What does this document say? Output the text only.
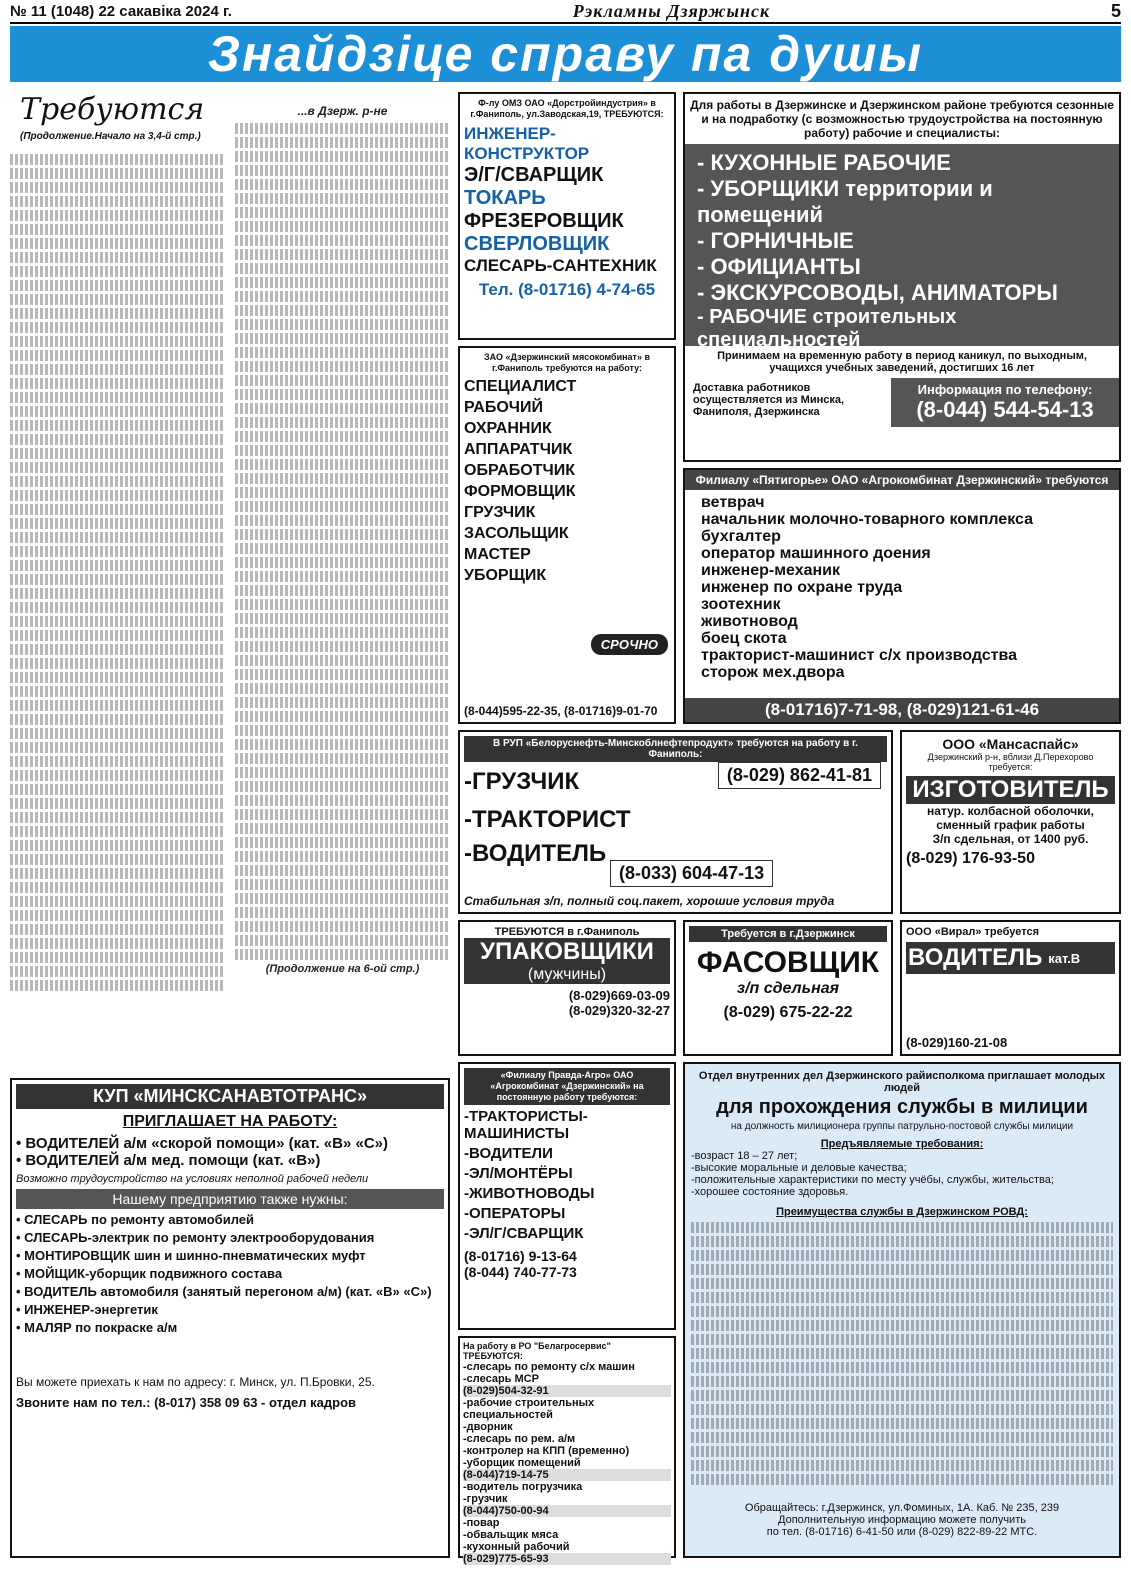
№ 11 (1048) 22 сакавіка 2024 г.	Рэкламны Дзяржынск	5
Знайдзіце справу па душы
Требуются
(Продолжение.Начало на 3,4-й стр.)
...в Дзерж. р-не
(Продолжение на 6-ой стр.)
Ф-лу ОМЗ ОАО «Дорстройиндустрия» в г.Фаниполь, ул.Заводская,19, ТРЕБУЮТСЯ:
ИНЖЕНЕР-КОНСТРУКТОР
Э/Г/СВАРЩИК
ТОКАРЬ
ФРЕЗЕРОВЩИК
СВЕРЛОВЩИК
СЛЕСАРЬ-САНТЕХНИК
Тел. (8-01716) 4-74-65
Для работы в Дзержинске и Дзержинском районе требуются сезонные и на подработку (с возможностью трудоустройства на постоянную работу) рабочие и специалисты:
- КУХОННЫЕ РАБОЧИЕ
- УБОРЩИКИ территории и помещений
- ГОРНИЧНЫЕ
- ОФИЦИАНТЫ
- ЭКСКУРСОВОДЫ, АНИМАТОРЫ
- РАБОЧИЕ строительных специальностей
Принимаем на временную работу в период каникул, по выходным, учащихся учебных заведений, достигших 16 лет
Доставка работников осуществляется из Минска, Фаниполя, Дзержинска
Информация по телефону:
(8-044) 544-54-13
ЗАО «Дзержинский мясокомбинат» в г.Фаниполь требуются на работу:
СПЕЦИАЛИСТ
РАБОЧИЙ
ОХРАННИК
АППАРАТЧИК
ОБРАБОТЧИК
ФОРМОВЩИК
ГРУЗЧИК
ЗАСОЛЬЩИК
МАСТЕР
УБОРЩИК
СРОЧНО
(8-044)595-22-35, (8-01716)9-01-70
Филиалу «Пятигорье» ОАО «Агрокомбинат Дзержинский» требуются
ветврач
начальник молочно-товарного комплекса
бухгалтер
оператор машинного доения
инженер-механик
инженер по охране труда
зоотехник
животновод
боец скота
тракторист-машинист с/х производства
сторож мех.двора
(8-01716)7-71-98, (8-029)121-61-46
В РУП «Белоруснефть-Минскоблнефтепродукт» требуются на работу в г. Фаниполь:
-ГРУЗЧИК	(8-029) 862-41-81
-ТРАКТОРИСТ
-ВОДИТЕЛЬ
(8-033) 604-47-13
Стабильная з/п, полный соц.пакет, хорошие условия труда
ООО «Мансаспайс»
Дзержинский р-н, вблизи Д.Перехорово требуется:
ИЗГОТОВИТЕЛЬ
натур. колбасной оболочки, сменный график работы
З/п сдельная, от 1400 руб.
(8-029) 176-93-50
ТРЕБУЮТСЯ в г.Фаниполь
УПАКОВЩИКИ
(мужчины)
(8-029)669-03-09
(8-029)320-32-27
Требуется в г.Дзержинск
ФАСОВЩИК
з/п сдельная
(8-029) 675-22-22
ООО «Вирал» требуется
ВОДИТЕЛЬ кат.В
(8-029)160-21-08
КУП «МИНСКСАНАВТОТРАНС»
ПРИГЛАШАЕТ НА РАБОТУ:
• ВОДИТЕЛЕЙ а/м «скорой помощи» (кат. «В» «С»)
• ВОДИТЕЛЕЙ а/м мед. помощи (кат. «В»)
Возможно трудоустройство на условиях неполной рабочей недели
Нашему предприятию также нужны:
• СЛЕСАРЬ по ремонту автомобилей
• СЛЕСАРЬ-электрик по ремонту электрооборудования
• МОНТИРОВЩИК шин и шинно-пневматических муфт
• МОЙЩИК-уборщик подвижного состава
• ВОДИТЕЛЬ автомобиля (занятый перегоном а/м) (кат. «В» «С»)
• ИНЖЕНЕР-энергетик
• МАЛЯР по покраске а/м
Вы можете приехать к нам по адресу: г. Минск, ул. П.Бровки, 25.
Звоните нам по тел.: (8-017) 358 09 63 - отдел кадров
«Филиалу Правда-Агро» ОАО «Агрокомбинат «Дзержинский» на постоянную работу требуются:
-ТРАКТОРИСТЫ-МАШИНИСТЫ
-ВОДИТЕЛИ
-ЭЛ/МОНТЁРЫ
-ЖИВОТНОВОДЫ
-ОПЕРАТОРЫ
-ЭЛ/Г/СВАРЩИК
(8-01716) 9-13-64
(8-044) 740-77-73
На работу в РО "Белагросервис" ТРЕБУЮТСЯ:
-слесарь по ремонту с/х машин
-слесарь МСР
(8-029)504-32-91
-рабочие строительных специальностей
-дворник
-слесарь по рем. а/м
-контролер на КПП (временно)
-уборщик помещений
(8-044)719-14-75
-водитель погрузчика
-грузчик
(8-044)750-00-94
-повар
-обвальщик мяса
-кухонный рабочий
(8-029)775-65-93
Отдел внутренних дел Дзержинского райисполкома приглашает молодых людей
для прохождения службы в милиции
на должность милиционера группы патрульно-постовой службы милиции
Предъявляемые требования:
-возраст 18 – 27 лет;
-высокие моральные и деловые качества;
-положительные характеристики по месту учёбы, службы, жительства;
-хорошее состояние здоровья.
Преимущества службы в Дзержинском РОВД:
Обращайтесь: г.Дзержинск, ул.Фоминых, 1А. Каб. № 235, 239
Дополнительную информацию можете получить
по тел. (8-01716) 6-41-50 или (8-029) 822-89-22 МТС.
